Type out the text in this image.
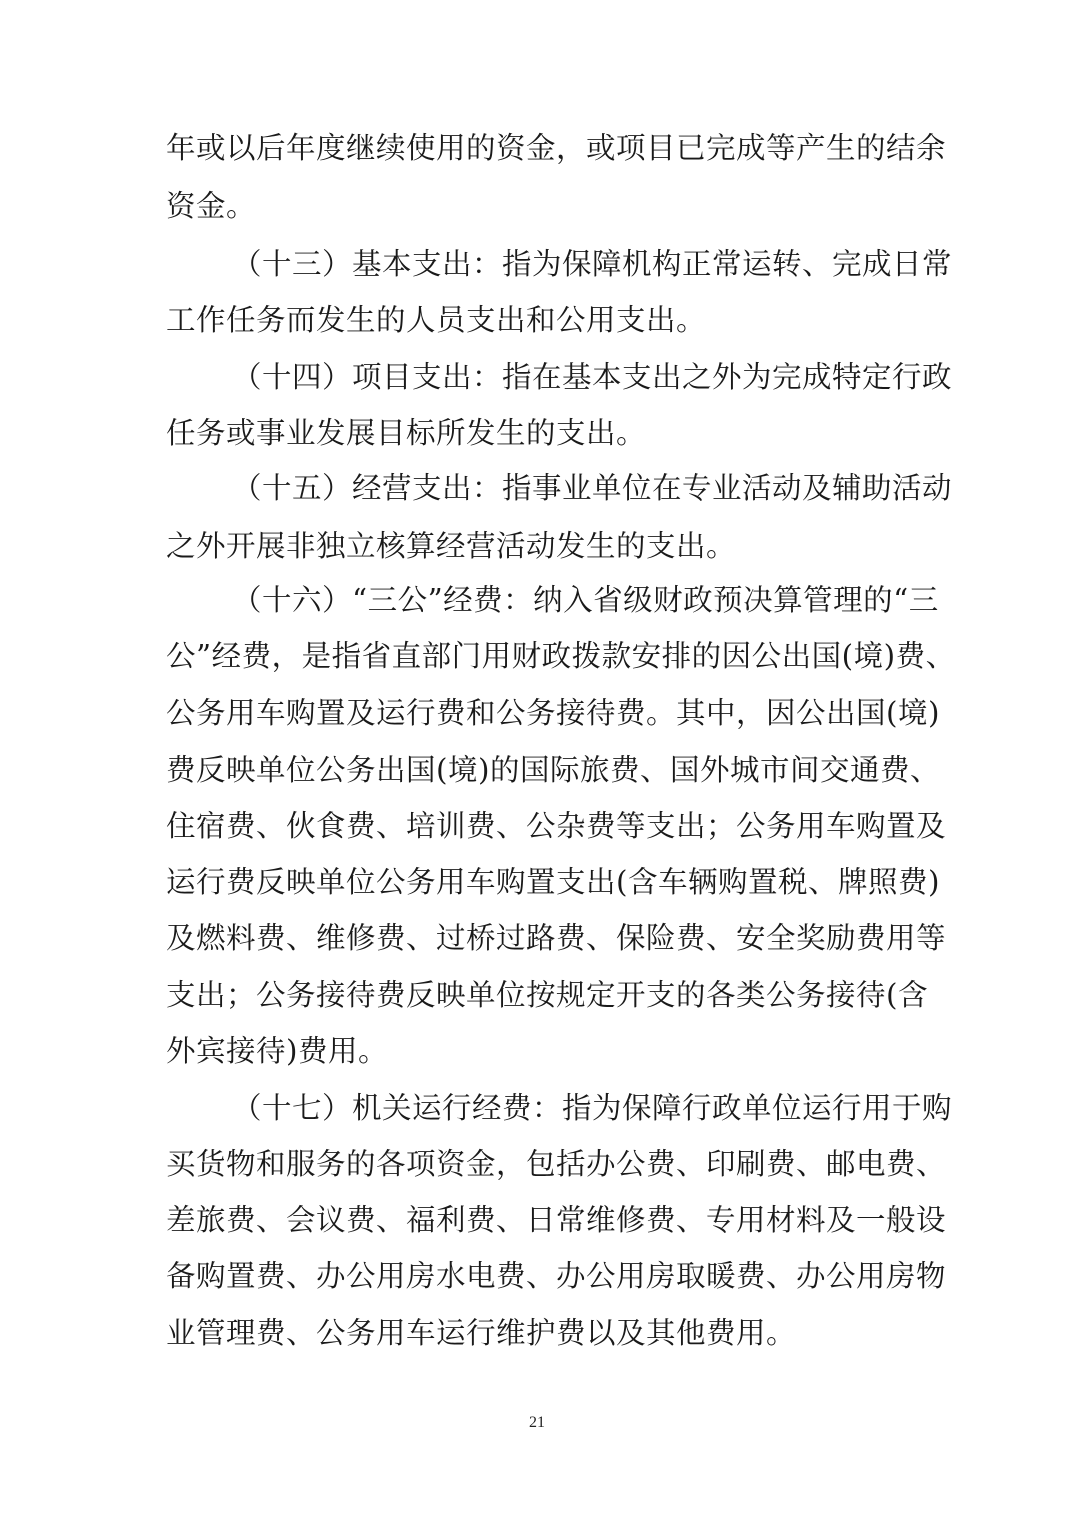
年或以后年度继续使用的资金，或项目已完成等产生的结余
资金。
（十三）基本支出：指为保障机构正常运转、完成日常
工作任务而发生的人员支出和公用支出。
（十四）项目支出：指在基本支出之外为完成特定行政
任务或事业发展目标所发生的支出。
（十五）经营支出：指事业单位在专业活动及辅助活动
之外开展非独立核算经营活动发生的支出。
（十六）“三公”经费：纳入省级财政预决算管理的“三
公”经费，是指省直部门用财政拨款安排的因公出国(境)费、
公务用车购置及运行费和公务接待费。其中，因公出国(境)
费反映单位公务出国(境)的国际旅费、国外城市间交通费、
住宿费、伙食费、培训费、公杂费等支出；公务用车购置及
运行费反映单位公务用车购置支出(含车辆购置税、牌照费)
及燃料费、维修费、过桥过路费、保险费、安全奖励费用等
支出；公务接待费反映单位按规定开支的各类公务接待(含
外宾接待)费用。
（十七）机关运行经费：指为保障行政单位运行用于购
买货物和服务的各项资金，包括办公费、印刷费、邮电费、
差旅费、会议费、福利费、日常维修费、专用材料及一般设
备购置费、办公用房水电费、办公用房取暖费、办公用房物
业管理费、公务用车运行维护费以及其他费用。
21
